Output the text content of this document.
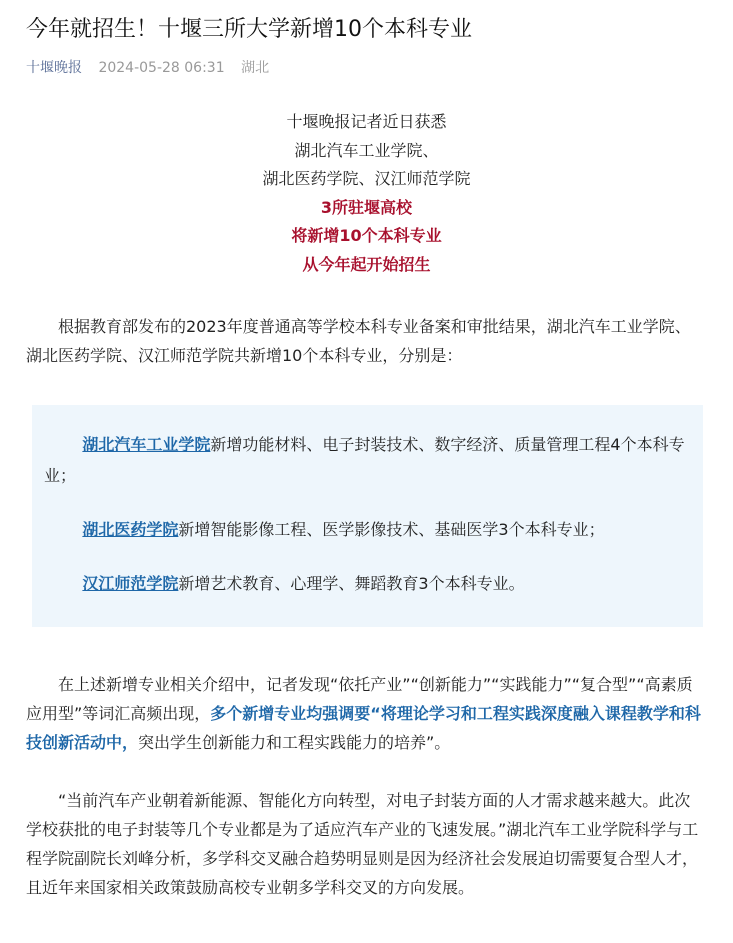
今年就招生！十堰三所大学新增10个本科专业
十堰晚报 2024-05-28 06:31 湖北
十堰晚报记者近日获悉
湖北汽车工业学院、
湖北医药学院、汉江师范学院
3所驻堰高校
将新增10个本科专业
从今年起开始招生

根据教育部发布的2023年度普通高等学校本科专业备案和审批结果，湖北汽车工业学院、湖北医药学院、汉江师范学院共新增10个本科专业，分别是：

湖北汽车工业学院新增功能材料、电子封装技术、数字经济、质量管理工程4个本科专业；

湖北医药学院新增智能影像工程、医学影像技术、基础医学3个本科专业；

汉江师范学院新增艺术教育、心理学、舞蹈教育3个本科专业。

在上述新增专业相关介绍中，记者发现“依托产业”“创新能力”“实践能力”“复合型”“高素质应用型”等词汇高频出现，多个新增专业均强调要“将理论学习和工程实践深度融入课程教学和科技创新活动中，突出学生创新能力和工程实践能力的培养”。

“当前汽车产业朝着新能源、智能化方向转型，对电子封装方面的人才需求越来越大。此次学校获批的电子封装等几个专业都是为了适应汽车产业的飞速发展。”湖北汽车工业学院科学与工程学院副院长刘峰分析，多学科交叉融合趋势明显则是因为经济社会发展迫切需要复合型人才，且近年来国家相关政策鼓励高校专业朝多学科交叉的方向发展。
